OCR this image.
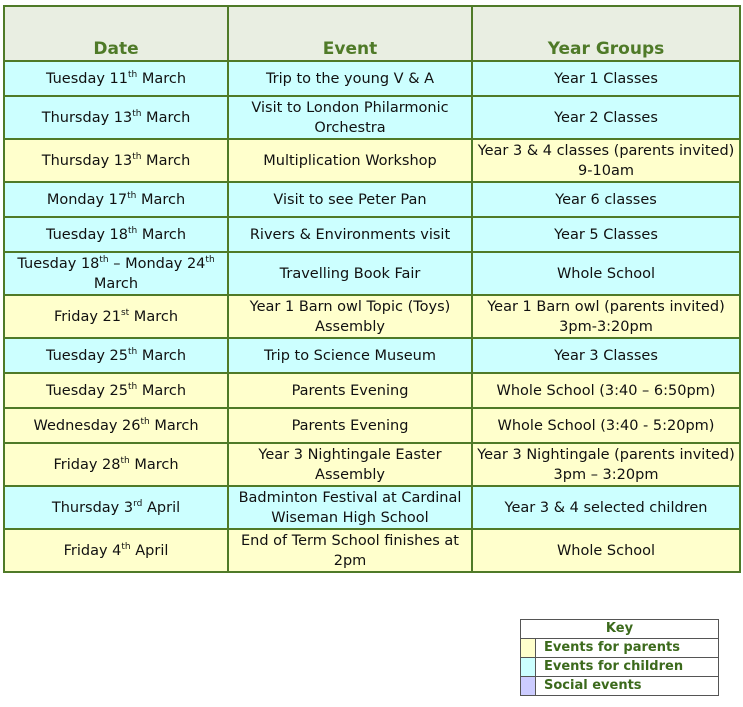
Date	Event	Year Groups
Tuesday 11th March	Trip to the young V & A	Year 1 Classes
Thursday 13th March	Visit to London Philarmonic Orchestra	Year 2 Classes
Thursday 13th March	Multiplication Workshop	Year 3 & 4 classes (parents invited) 9-10am
Monday 17th March	Visit to see Peter Pan	Year 6 classes
Tuesday 18th March	Rivers & Environments visit	Year 5 Classes
Tuesday 18th – Monday 24th March	Travelling Book Fair	Whole School
Friday 21st March	Year 1 Barn owl Topic (Toys) Assembly	Year 1 Barn owl (parents invited) 3pm-3:20pm
Tuesday 25th March	Trip to Science Museum	Year 3 Classes
Tuesday 25th March	Parents Evening	Whole School (3:40 – 6:50pm)
Wednesday 26th March	Parents Evening	Whole School (3:40 - 5:20pm)
Friday 28th March	Year 3 Nightingale Easter Assembly	Year 3 Nightingale (parents invited) 3pm – 3:20pm
Thursday 3rd April	Badminton Festival at Cardinal Wiseman High School	Year 3 & 4 selected children
Friday 4th April	End of Term School finishes at 2pm	Whole School
Key	
	Events for parents
	Events for children
	Social events
